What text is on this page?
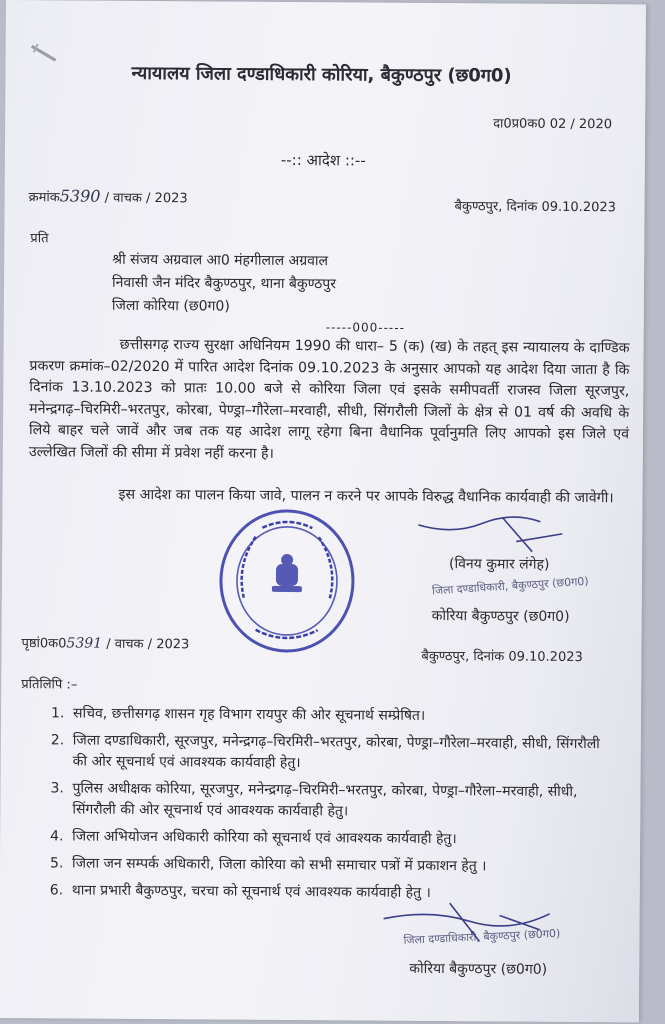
न्यायालय जिला दण्डाधिकारी कोरिया, बैकुण्ठपुर (छ0ग0)
दा0प्र0क0 02 / 2020
--:: आदेश ::--
क्रमांक5390 / वाचक / 2023
बैकुण्ठपुर, दिनांक 09.10.2023
प्रति
श्री संजय अग्रवाल आ0 मंहगीलाल अग्रवाल
निवासी जैन मंदिर बैकुण्ठपुर, थाना बैकुण्ठपुर
जिला कोरिया (छ0ग0)
-----000-----
छत्तीसगढ़ राज्य सुरक्षा अधिनियम 1990 की धारा– 5 (क) (ख) के तहत् इस न्यायालय के दाण्डिक प्रकरण क्रमांक–02/2020 में पारित आदेश दिनांक 09.10.2023 के अनुसार आपको यह आदेश दिया जाता है कि दिनांक 13.10.2023 को प्रातः 10.00 बजे से कोरिया जिला एवं इसके समीपवर्ती राजस्व जिला सूरजपुर, मनेन्द्रगढ़–चिरमिरी–भरतपुर, कोरबा, पेण्ड्रा–गौरेला–मरवाही, सीधी, सिंगरौली जिलों के क्षेत्र से 01 वर्ष की अवधि के लिये बाहर चले जावें और जब तक यह आदेश लागू रहेगा बिना वैधानिक पूर्वानुमति लिए आपको इस जिले एवं उल्लेखित जिलों की सीमा में प्रवेश नहीं करना है।
इस आदेश का पालन किया जावे, पालन न करने पर आपके विरुद्ध वैधानिक कार्यवाही की जावेगी।
(विनय कुमार लंगेह)
जिला दण्डाधिकारी, बैकुण्ठपुर (छ0ग0)
कोरिया बैकुण्ठपुर (छ0ग0)
पृष्ठां0क05391 / वाचक / 2023
बैकुण्ठपुर, दिनांक 09.10.2023
प्रतिलिपि :–
1. सचिव, छत्तीसगढ़ शासन गृह विभाग रायपुर की ओर सूचनार्थ सम्प्रेषित।
2. जिला दण्डाधिकारी, सूरजपुर, मनेन्द्रगढ़–चिरमिरी–भरतपुर, कोरबा, पेण्ड्रा–गौरेला–मरवाही, सीधी, सिंगरौली की ओर सूचनार्थ एवं आवश्यक कार्यवाही हेतु।
3. पुलिस अधीक्षक कोरिया, सूरजपुर, मनेन्द्रगढ़–चिरमिरी–भरतपुर, कोरबा, पेण्ड्रा–गौरेला–मरवाही, सीधी, सिंगरौली की ओर सूचनार्थ एवं आवश्यक कार्यवाही हेतु।
4. जिला अभियोजन अधिकारी कोरिया को सूचनार्थ एवं आवश्यक कार्यवाही हेतु।
5. जिला जन सम्पर्क अधिकारी, जिला कोरिया को सभी समाचार पत्रों में प्रकाशन हेतु ।
6. थाना प्रभारी बैकुण्ठपुर, चरचा को सूचनार्थ एवं आवश्यक कार्यवाही हेतु ।
जिला दण्डाधिकारी, बैकुण्ठपुर (छ0ग0)
कोरिया बैकुण्ठपुर (छ0ग0)
